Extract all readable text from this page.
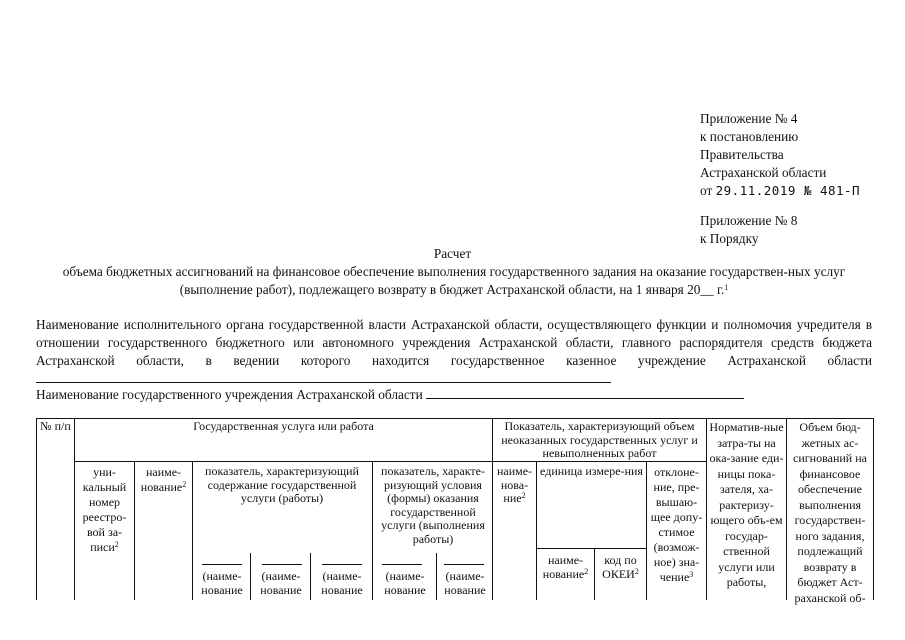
Приложение № 4
к постановлению
Правительства
Астраханской области
от 29.11.2019 № 481-П
Приложение № 8
к Порядку
Расчет
объема бюджетных ассигнований на финансовое обеспечение выполнения государственного задания на оказание государствен-ных услуг (выполнение работ), подлежащего возврату в бюджет Астраханской области, на 1 января 20__ г.$^1$
Наименование исполнительного органа государственной власти Астраханской области, осуществляющего функции и полномочия учредителя в отношении государственного бюджетного или автономного учреждения Астраханской области, главного распорядителя средств бюджета Астраханской области, в ведении которого находится государственное казенное учреждение Астраханской области
Наименование государственного учреждения Астраханской области
№ п/п	Государственная услуга или работа
уни-кальный номер реестро-вой за-писи$^2$
наиме-нование$^2$
показатель, характеризующий содержание государственной услуги (работы)
показатель, характе-ризующий условия (формы) оказания государственной услуги (выполнения работы)
(наиме-нование
(наиме-нование
(наиме-нование
(наиме-нование
(наиме-нование
Показатель, характеризующий объем неоказанных государственных услуг и невыполненных работ
наиме-нова-ние$^2$
единица измере-ния
наиме-нование$^2$
код по ОКЕИ$^2$
отклоне-ние, пре-вышаю-щее допу-стимое (возмож-ное) зна-чение$^3$
Норматив-ные затра-ты на ока-зание еди-ницы пока-зателя, ха-рактеризу-ющего объ-ем государ-ственной услуги или работы,
Объем бюд-жетных ас-сигнований на финансовое обеспечение выполнения государствен-ного задания, подлежащий возврату в бюджет Аст-раханской об-
